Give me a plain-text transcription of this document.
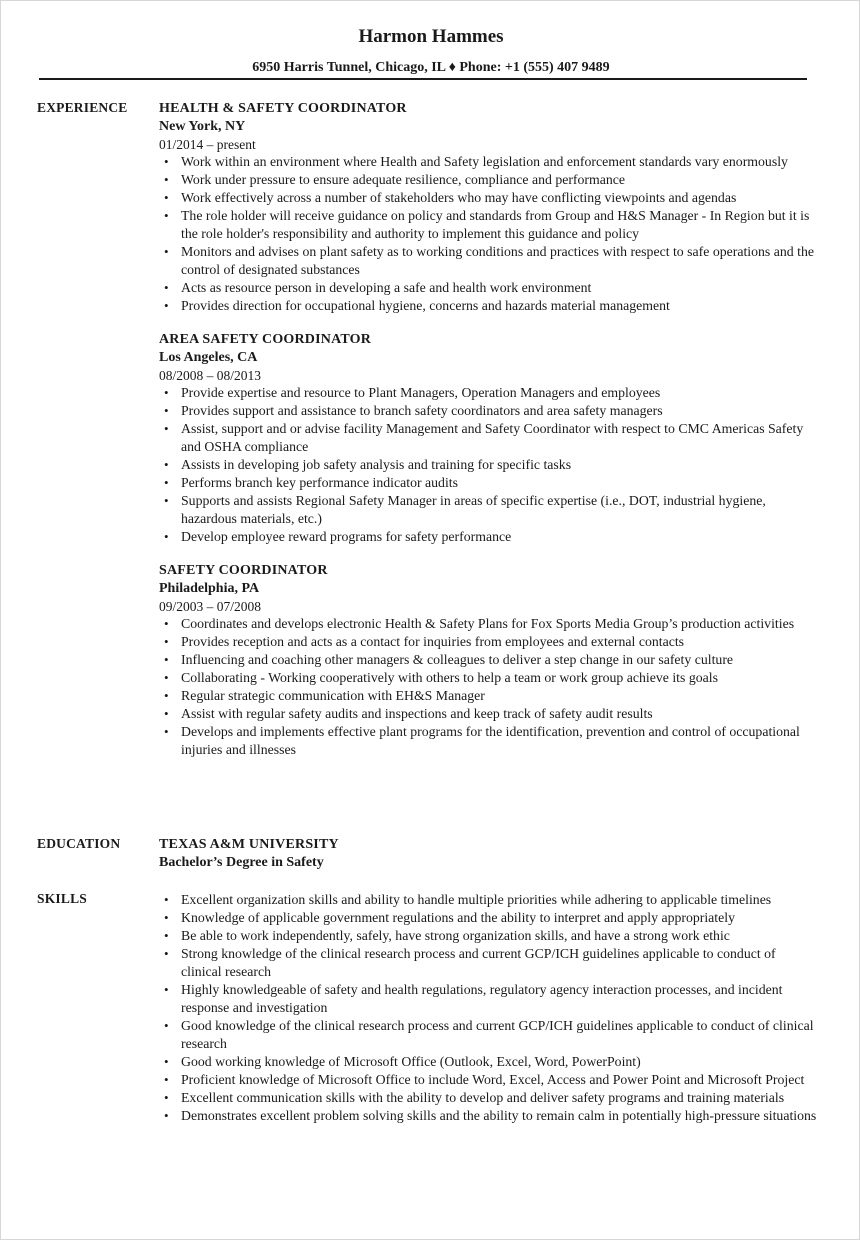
Harmon Hammes
6950 Harris Tunnel, Chicago, IL ♦ Phone: +1 (555) 407 9489
EXPERIENCE HEALTH & SAFETY COORDINATOR
New York, NY
01/2014 – present
• Work within an environment where Health and Safety legislation and enforcement standards vary enormously
• Work under pressure to ensure adequate resilience, compliance and performance
• Work effectively across a number of stakeholders who may have conflicting viewpoints and agendas
• The role holder will receive guidance on policy and standards from Group and H&S Manager - In Region but it is the role holder's responsibility and authority to implement this guidance and policy
• Monitors and advises on plant safety as to working conditions and practices with respect to safe operations and the control of designated substances
• Acts as resource person in developing a safe and health work environment
• Provides direction for occupational hygiene, concerns and hazards material management
AREA SAFETY COORDINATOR
Los Angeles, CA
08/2008 – 08/2013
• Provide expertise and resource to Plant Managers, Operation Managers and employees
• Provides support and assistance to branch safety coordinators and area safety managers
• Assist, support and or advise facility Management and Safety Coordinator with respect to CMC Americas Safety and OSHA compliance
• Assists in developing job safety analysis and training for specific tasks
• Performs branch key performance indicator audits
• Supports and assists Regional Safety Manager in areas of specific expertise (i.e., DOT, industrial hygiene, hazardous materials, etc.)
• Develop employee reward programs for safety performance
SAFETY COORDINATOR
Philadelphia, PA
09/2003 – 07/2008
• Coordinates and develops electronic Health & Safety Plans for Fox Sports Media Group’s production activities
• Provides reception and acts as a contact for inquiries from employees and external contacts
• Influencing and coaching other managers & colleagues to deliver a step change in our safety culture
• Collaborating - Working cooperatively with others to help a team or work group achieve its goals
• Regular strategic communication with EH&S Manager
• Assist with regular safety audits and inspections and keep track of safety audit results
• Develops and implements effective plant programs for the identification, prevention and control of occupational injuries and illnesses
EDUCATION	TEXAS A&M UNIVERSITY
Bachelor’s Degree in Safety
SKILLS
•	Excellent organization skills and ability to handle multiple priorities while adhering to applicable timelines
• Knowledge of applicable government regulations and the ability to interpret and apply appropriately
• Be able to work independently, safely, have strong organization skills, and have a strong work ethic
• Strong knowledge of the clinical research process and current GCP/ICH guidelines applicable to conduct of clinical research
• Highly knowledgeable of safety and health regulations, regulatory agency interaction processes, and incident response and investigation
• Good knowledge of the clinical research process and current GCP/ICH guidelines applicable to conduct of clinical research
• Good working knowledge of Microsoft Office (Outlook, Excel, Word, PowerPoint)
• Proficient knowledge of Microsoft Office to include Word, Excel, Access and Power Point and Microsoft Project
• Excellent communication skills with the ability to develop and deliver safety programs and training materials
• Demonstrates excellent problem solving skills and the ability to remain calm in potentially high-pressure situations
